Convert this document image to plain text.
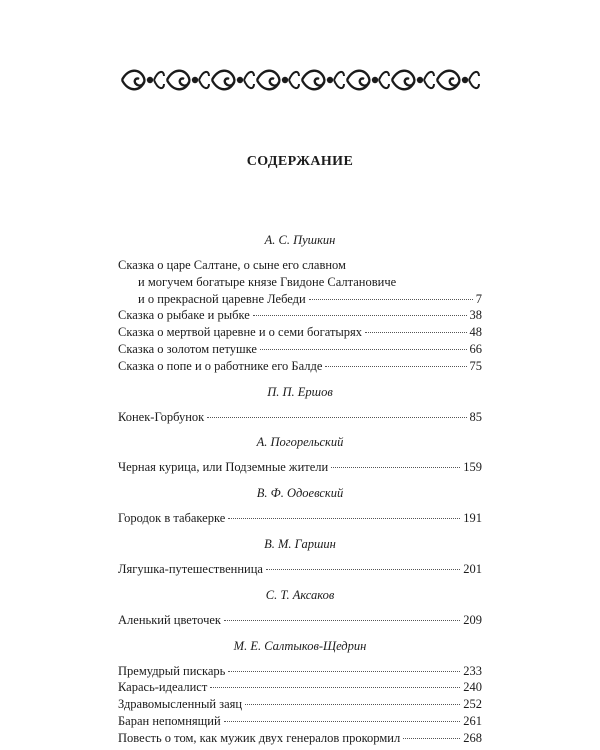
СОДЕРЖАНИЕ
А. С. Пушкин
Сказка о царе Салтане, о сыне его славном
и могучем богатыре князе Гвидоне Салтановиче
и о прекрасной царевне Лебеди	7
Сказка о рыбаке и рыбке	38
Сказка о мертвой царевне и о семи богатырях	48
Сказка о золотом петушке	66
Сказка о попе и о работнике его Балде	75
П. П. Ершов
Конек-Горбунок	85
А. Погорельский
Черная курица, или Подземные жители	159
В. Ф. Одоевский
Городок в табакерке	191
В. М. Гаршин
Лягушка-путешественница	201
С. Т. Аксаков
Аленький цветочек	209
М. Е. Салтыков-Щедрин
Премудрый пискарь	233
Карась-идеалист	240
Здравомысленный заяц	252
Баран непомнящий	261
Повесть о том, как мужик двух генералов прокормил	268
